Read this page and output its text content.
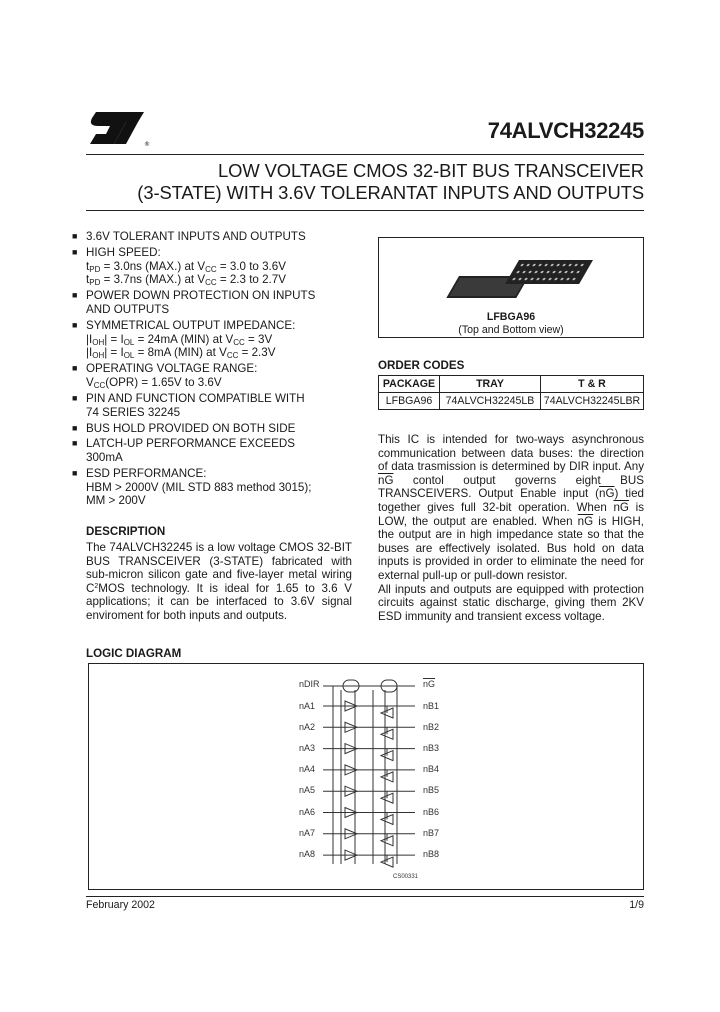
®
74ALVCH32245
LOW VOLTAGE CMOS 32-BIT BUS TRANSCEIVER
(3-STATE) WITH 3.6V TOLERANTAT INPUTS AND OUTPUTS
■ 3.6V TOLERANT INPUTS AND OUTPUTS
■ HIGH SPEED:
$t_{PD} = 3.0ns$ (MAX.) at $V_{CC} = 3.0$ to 3.6V
$t_{PD} = 3.7ns$ (MAX.) at $V_{CC} = 2.3$ to 2.7V
■ POWER DOWN PROTECTION ON INPUTS
AND OUTPUTS
■ SYMMETRICAL OUTPUT IMPEDANCE:
$|I_{OH}| = I_{OL} = 24mA$ (MIN) at $V_{CC} = 3V$
$|I_{OH}| = I_{OL} = 8mA$ (MIN) at $V_{CC} = 2.3V$
■ OPERATING VOLTAGE RANGE:
$V_{CC}(OPR) = 1.65V$ to 3.6V
■ PIN AND FUNCTION COMPATIBLE WITH
74 SERIES 32245
■ BUS HOLD PROVIDED ON BOTH SIDE
■ LATCH-UP PERFORMANCE EXCEEDS
300mA
■ ESD PERFORMANCE:
HBM > 2000V (MIL STD 883 method 3015);
MM > 200V
LFBGA96
(Top and Bottom view)
ORDER CODES
PACKAGE	TRAY	T & R
LFBGA96	74ALVCH32245LB	74ALVCH32245LBR
DESCRIPTION
The 74ALVCH32245 is a low voltage CMOS 32-BIT BUS TRANSCEIVER (3-STATE) fabricated with sub-micron silicon gate and five-layer metal wiring $C^2MOS$ technology. It is ideal for 1.65 to 3.6 V applications; it can be interfaced to 3.6V signal enviroment for both inputs and outputs.
This IC is intended for two-ways asynchronous communication between data buses: the direction of data trasmission is determined by DIR input. Any $\overline{nG}$ contol output governs eight BUS TRANSCEIVERS. Output Enable input $(\overline{nG})$ tied together gives full 32-bit operation. When $\overline{nG}$ is LOW, the output are enabled. When $\overline{nG}$ is HIGH, the output are in high impedance state so that the buses are effectively isolated. Bus hold on data inputs is provided in order to eliminate the need for external pull-up or pull-down resistor.
All inputs and outputs are equipped with protection circuits against static discharge, giving them 2KV ESD immunity and transient excess voltage.
LOGIC DIAGRAM
nDIR	$\overline{nG}$
nA1
nA2
nA3
nA4
nA5
nA6
nA7
nA8
nB1
nB2
nB3
nB4
nB5
nB6
nB7
nB8
CS00331
February 2002	1/9
